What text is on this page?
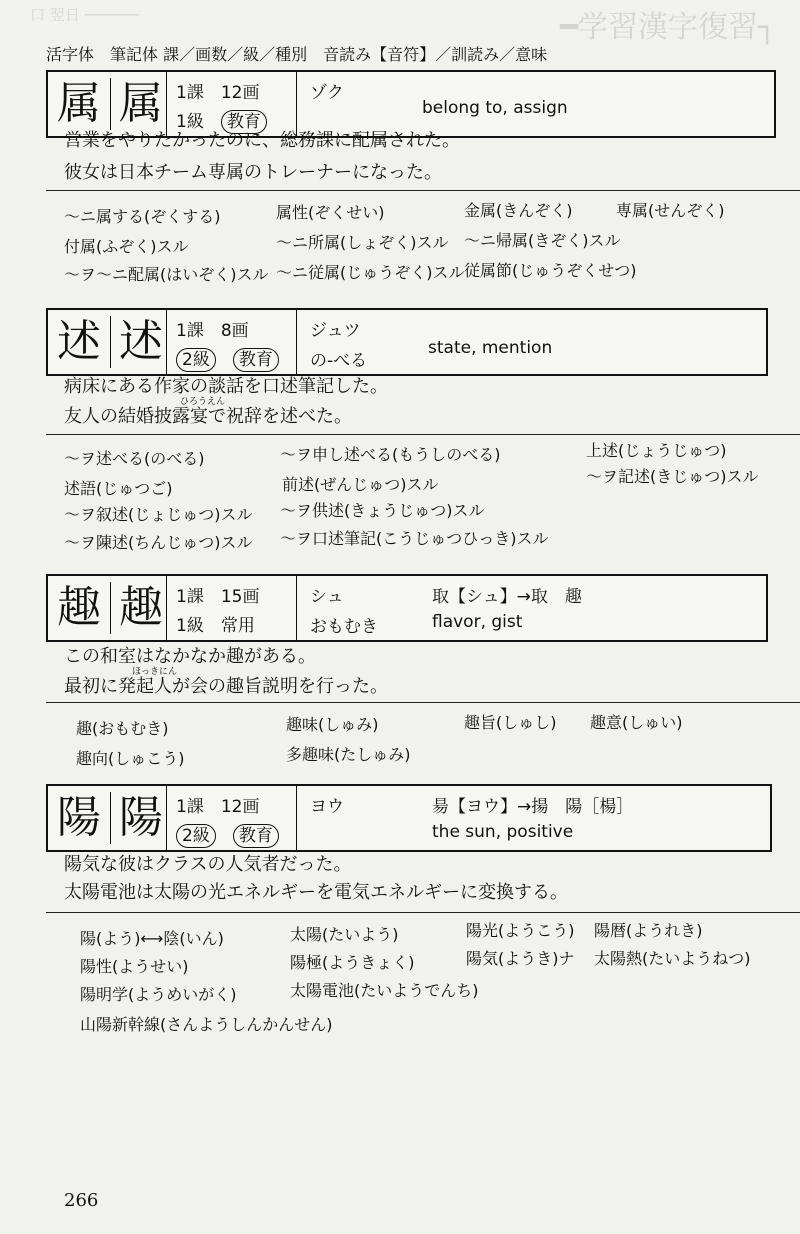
━学習漢字復習┐
口 翌日 ──────
活字体　筆記体 課／画数／級／種別　音読み【音符】／訓読み／意味
属 属 1課　 12画
1級　 教育
ゾク
belong to, assign
営業をやりたかったのに、総務課に配属された。
彼女は日本チーム専属のトレーナーになった。
～ニ属する(ぞくする)	属性(ぞくせい)	金属(きんぞく)	専属(せんぞく)
付属(ふぞく)スル	～ニ所属(しょぞく)スル ～ニ帰属(きぞく)スル
～ヲ～ニ配属(はいぞく)スル ～ニ従属(じゅうぞく)スル 従属節(じゅうぞくせつ)
述 述 1課　 8画
2級　 教育
ジュツ
の-べる
state, mention
病床にある作家の談話を口述筆記した。
ひろうえん
友人の結婚披露宴で祝辞を述べた。
～ヲ述べる(のべる)	～ヲ申し述べる(もうしのべる)	上述(じょうじゅつ)
述語(じゅつご)	前述(ぜんじゅつ)スル	～ヲ記述(きじゅつ)スル
～ヲ叙述(じょじゅつ)スル ～ヲ供述(きょうじゅつ)スル
～ヲ陳述(ちんじゅつ)スル ～ヲ口述筆記(こうじゅつひっき)スル
趣 趣 1課　 15画
1級　 常用
シュ	取【シュ】→取　趣
おもむき	flavor, gist
この和室はなかなか趣がある。
ほっきにん
最初に発起人が会の趣旨説明を行った。
趣(おもむき)	趣味(しゅみ)	趣旨(しゅし) 趣意(しゅい)
趣向(しゅこう)	多趣味(たしゅみ)
陽 陽 1課　 12画
2級　 教育
ヨウ	昜【ヨウ】→揚　陽［楊］
the sun, positive
陽気な彼はクラスの人気者だった。
太陽電池は太陽の光エネルギーを電気エネルギーに変換する。
陽(よう)⟷陰(いん)	太陽(たいよう)	陽光(ようこう) 陽暦(ようれき)
陽性(ようせい)	陽極(ようきょく)	陽気(ようき)ナ 太陽熱(たいようねつ)
陽明学(ようめいがく)	太陽電池(たいようでんち)
山陽新幹線(さんようしんかんせん)
266
